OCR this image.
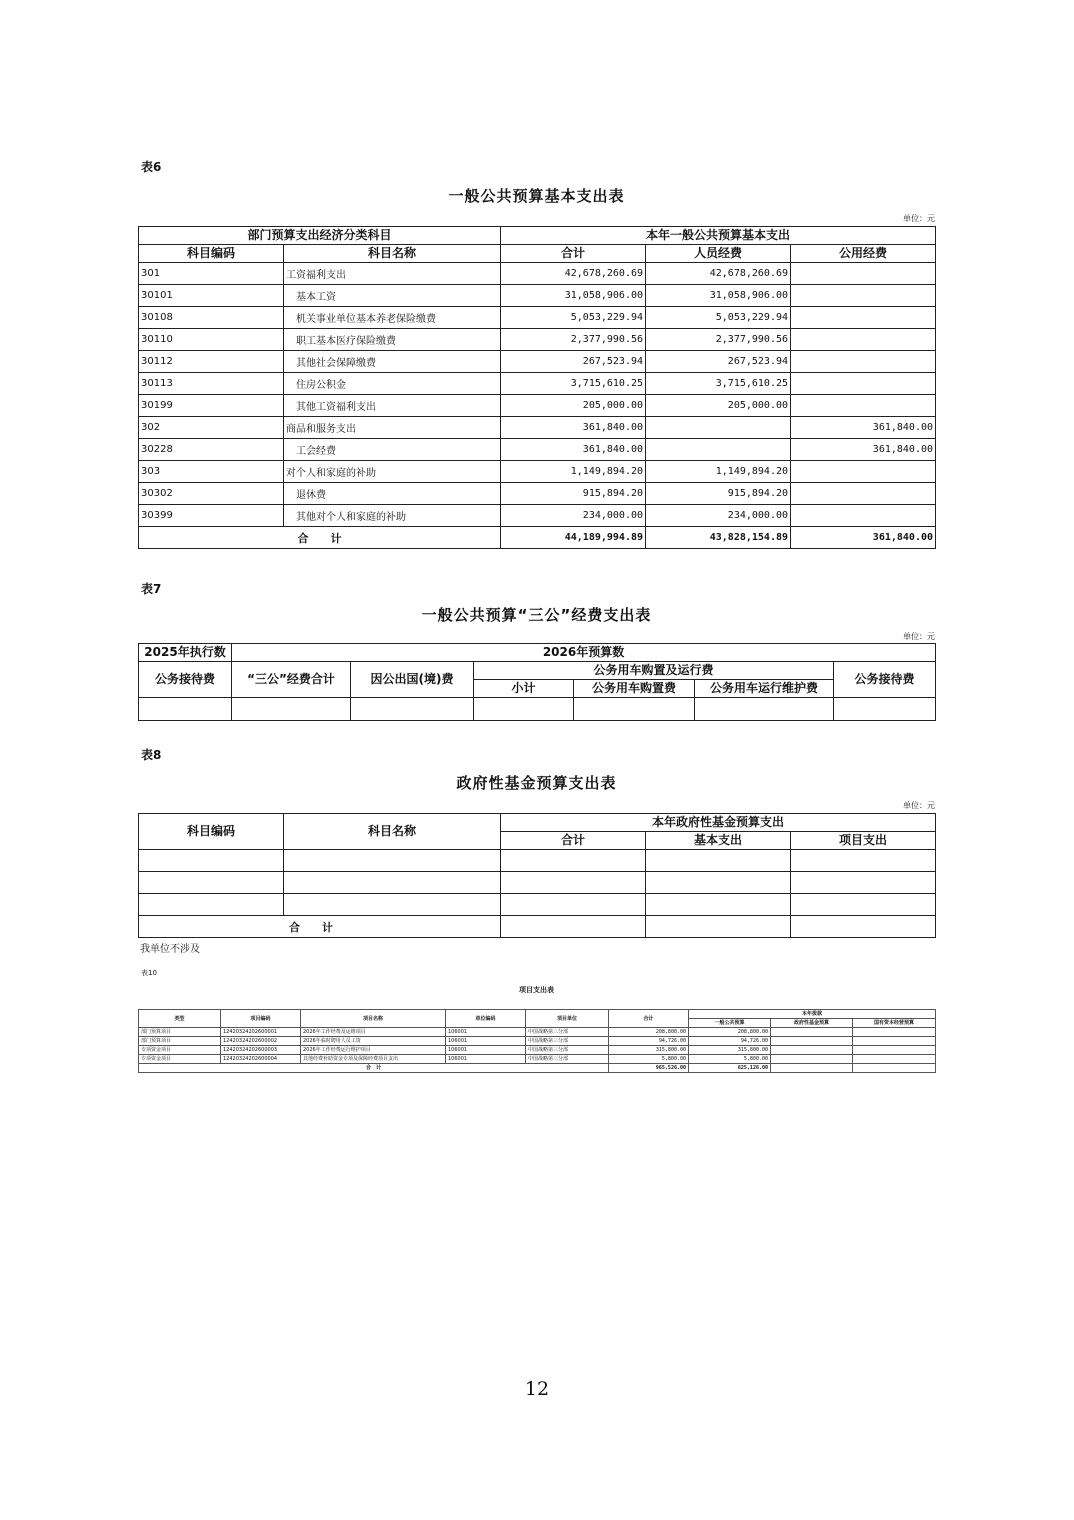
表6
一般公共预算基本支出表
单位：元
部门预算支出经济分类科目		本年一般公共预算基本支出		
科目编码	科目名称	合计	人员经费	公用经费
301	工资福利支出	42,678,260.69	42,678,260.69	
30101	基本工资	31,058,906.00	31,058,906.00	
30108	机关事业单位基本养老保险缴费	5,053,229.94	5,053,229.94	
30110	职工基本医疗保险缴费	2,377,990.56	2,377,990.56	
30112	其他社会保障缴费	267,523.94	267,523.94	
30113	住房公积金	3,715,610.25	3,715,610.25	
30199	其他工资福利支出	205,000.00	205,000.00	
302	商品和服务支出	361,840.00		361,840.00
30228	工会经费	361,840.00		361,840.00
303	对个人和家庭的补助	1,149,894.20	1,149,894.20	
30302	退休费	915,894.20	915,894.20	
30399	其他对个人和家庭的补助	234,000.00	234,000.00	
合　　计		44,189,994.89	43,828,154.89	361,840.00
表7
一般公共预算“三公”经费支出表
单位：元
2025年执行数	2026年预算数					
公务接待费	“三公”经费合计	因公出国(境)费	公务用车购置及运行费			公务接待费
			小计	公务用车购置费	公务用车运行维护费	

表8
政府性基金预算支出表
单位：元
科目编码	科目名称	本年政府性基金预算支出		
		合计	基本支出	项目支出

合　　计				
我单位不涉及
表10
项目支出表
类型	项目编码	项目名称	单位编码	项目单位	合计	本年拨款		
						一般公共预算	政府性基金预算	国有资本经营预算
部门预算项目	12420324202600001	2026年工作经费及运维项目	106001	中国战略第三分部	208,800.00	208,800.00		
部门预算项目	12420324202600002	2026年临时聘用人员工资	106001	中国战略第三分部	94,726.00	94,726.00		
专项资金项目	12420324202600003	2026年工作经费运行维护项目	106001	中国战略第三分部	315,800.00	315,800.00		
专项资金项目	12420324202600004	其他经费补助资金专项及保障经费项目支出	106001	中国战略第三分部	5,800.00	5,800.00		
合　计					965,526.00	625,126.00		
12
